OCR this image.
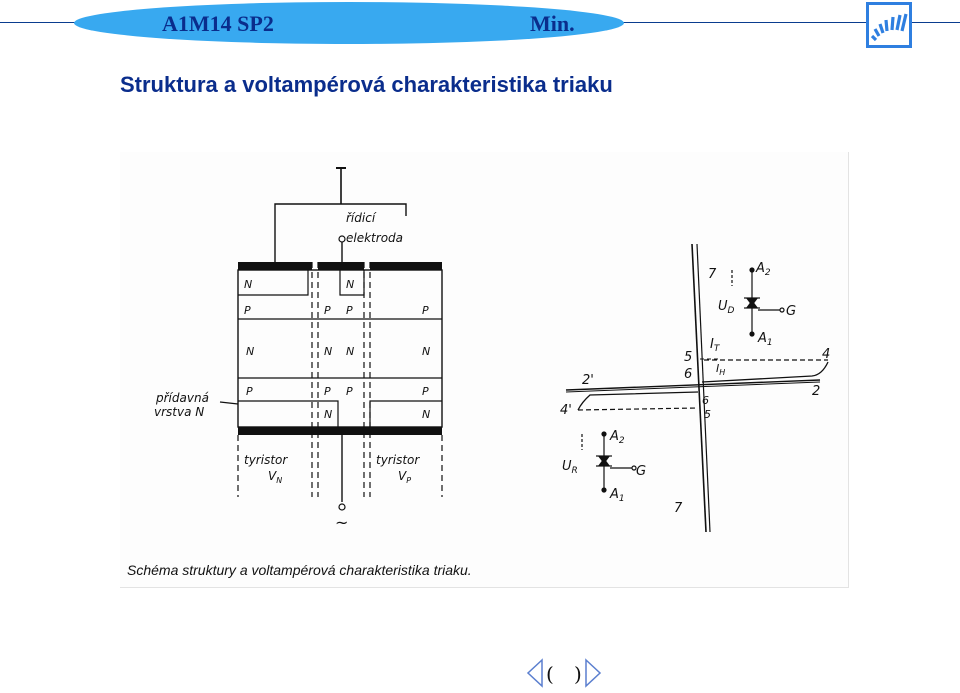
A1M14 SP2	Min.
Struktura a voltampérová charakteristika triaku
řídicí
elektroda
~
N	N
P	P P	P
N	N N	N
P	P P	P
N	N
přídavná
vrstva N
tyristor
$V_N$
tyristor
$V_P$
7
7
5
6
2'
4'
6
5
4
2
$I_T$
$I_H$
$U_D$
$U_R$
$A_2$
G
$A_1$
$A_2$
G
$A_1$
Schéma struktury a voltampérová charakteristika triaku.
( )
